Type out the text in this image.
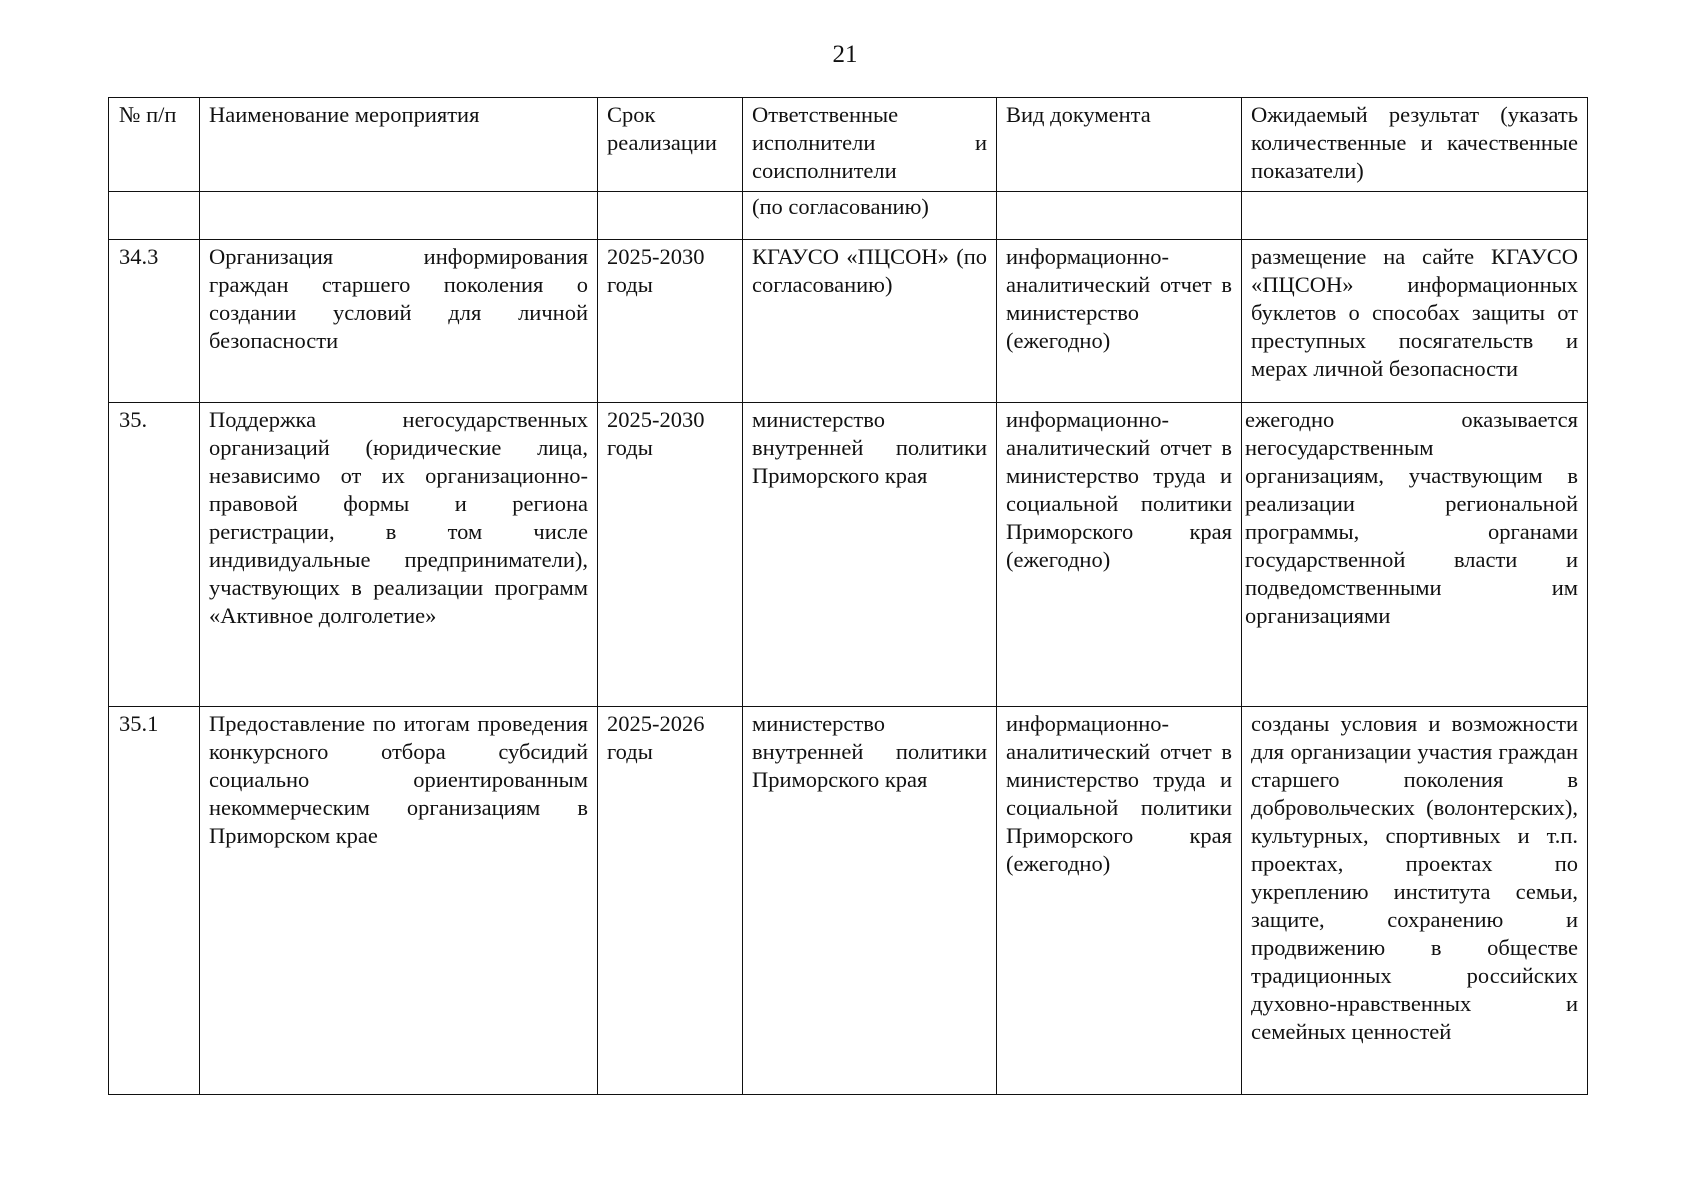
21
№ п/п	Наименование мероприятия	Срок реализации	Ответственные исполнители и соисполнители	Вид документа	Ожидаемый результат (указать количественные и качественные показатели)
			(по согласованию)		
34.3	Организация информирования граждан старшего поколения о создании условий для личной безопасности	2025-2030 годы	КГАУСО «ПЦСОН» (по согласованию)	информационно-аналитический отчет в министерство (ежегодно)	размещение на сайте КГАУСО «ПЦСОН» информационных буклетов о способах защиты от преступных посягательств и мерах личной безопасности
35.	Поддержка негосударственных организаций (юридические лица, независимо от их организационно-правовой формы и региона регистрации, в том числе индивидуальные предприниматели), участвующих в реализации программ «Активное долголетие»	2025-2030 годы	министерство внутренней политики Приморского края	информационно-аналитический отчет в министерство труда и социальной политики Приморского края (ежегодно)	ежегодно оказывается негосударственным организациям, участвующим в реализации региональной программы, органами государственной власти и подведомственными им организациями
35.1	Предоставление по итогам проведения конкурсного отбора субсидий социально ориентированным некоммерческим организациям в Приморском крае	2025-2026 годы	министерство внутренней политики Приморского края	информационно-аналитический отчет в министерство труда и социальной политики Приморского края (ежегодно)	созданы условия и возможности для организации участия граждан старшего поколения в добровольческих (волонтерских), культурных, спортивных и т.п. проектах, проектах по укреплению института семьи, защите, сохранению и продвижению в обществе традиционных российских духовно-нравственных и семейных ценностей
